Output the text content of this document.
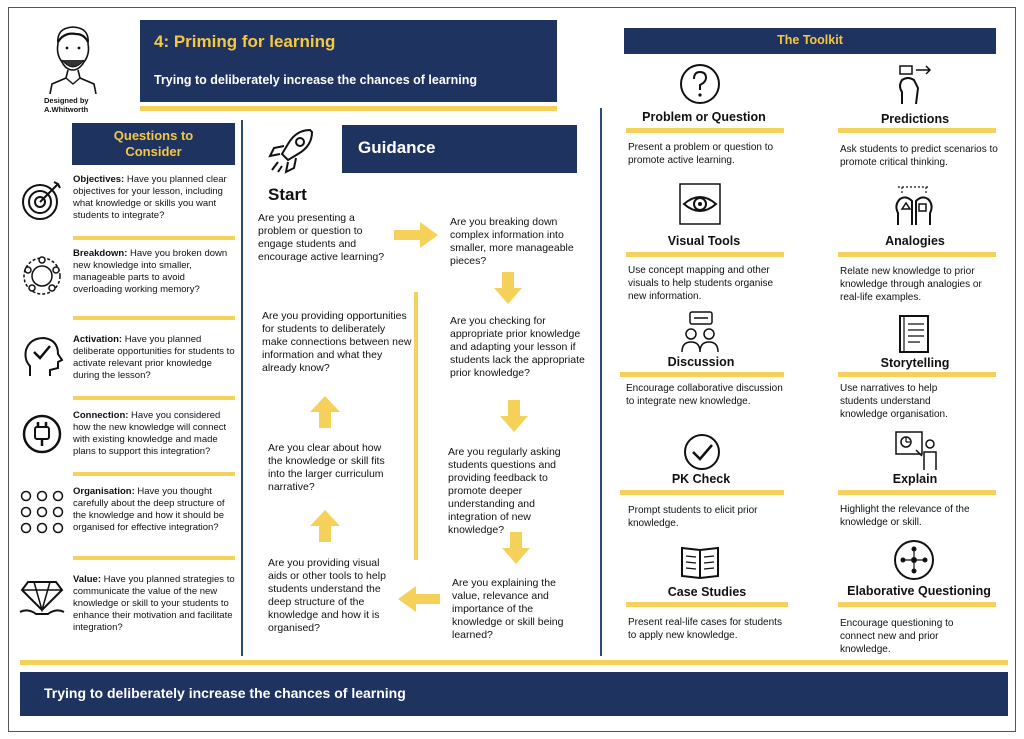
Designed by
A.Whitworth
4: Priming for learning
Trying to deliberately increase the chances of learning
Questions to
Consider
Objectives: Have you planned clear objectives for your lesson, including what knowledge or skills you want students to integrate?
Breakdown: Have you broken down new knowledge into smaller, manageable parts to avoid overloading working memory?
Activation: Have you planned deliberate opportunities for students to activate relevant prior knowledge during the lesson?
Connection: Have you considered how the new knowledge will connect with existing knowledge and made plans to support this integration?
Organisation: Have you thought carefully about the deep structure of the knowledge and how it should be organised for effective integration?
Value: Have you planned strategies to communicate the value of the new knowledge or skill to your students to enhance their motivation and facilitate integration?
Guidance
Start
Are you presenting a problem or question to engage students and encourage active learning?
Are you breaking down complex information into smaller, more manageable pieces?
Are you checking for appropriate prior knowledge and adapting your lesson if students lack the appropriate prior knowledge?
Are you regularly asking students questions and providing feedback to promote deeper understanding and integration of new knowledge?
Are you explaining the value, relevance and importance of the knowledge or skill being learned?
Are you providing visual aids or other tools to help students understand the deep structure of the knowledge and how it is organised?
Are you clear about how the knowledge or skill fits into the larger curriculum narrative?
Are you providing opportunities for students to deliberately make connections between new information and what they already know?
The Toolkit
Problem or Question
Present a problem or question to promote active learning.
Visual Tools
Use concept mapping and other visuals to help students organise new information.
Discussion
Encourage collaborative discussion to integrate new knowledge.
PK Check
Prompt students to elicit prior knowledge.
Case Studies
Present real-life cases for students to apply new knowledge.
Predictions
Ask students to predict scenarios to promote critical thinking.
Analogies
Relate new knowledge to prior knowledge through analogies or real-life examples.
Storytelling
Use narratives to help students understand knowledge organisation.
Explain
Highlight the relevance of the knowledge or skill.
Elaborative Questioning
Encourage questioning to connect new and prior knowledge.
Trying to deliberately increase the chances of learning
